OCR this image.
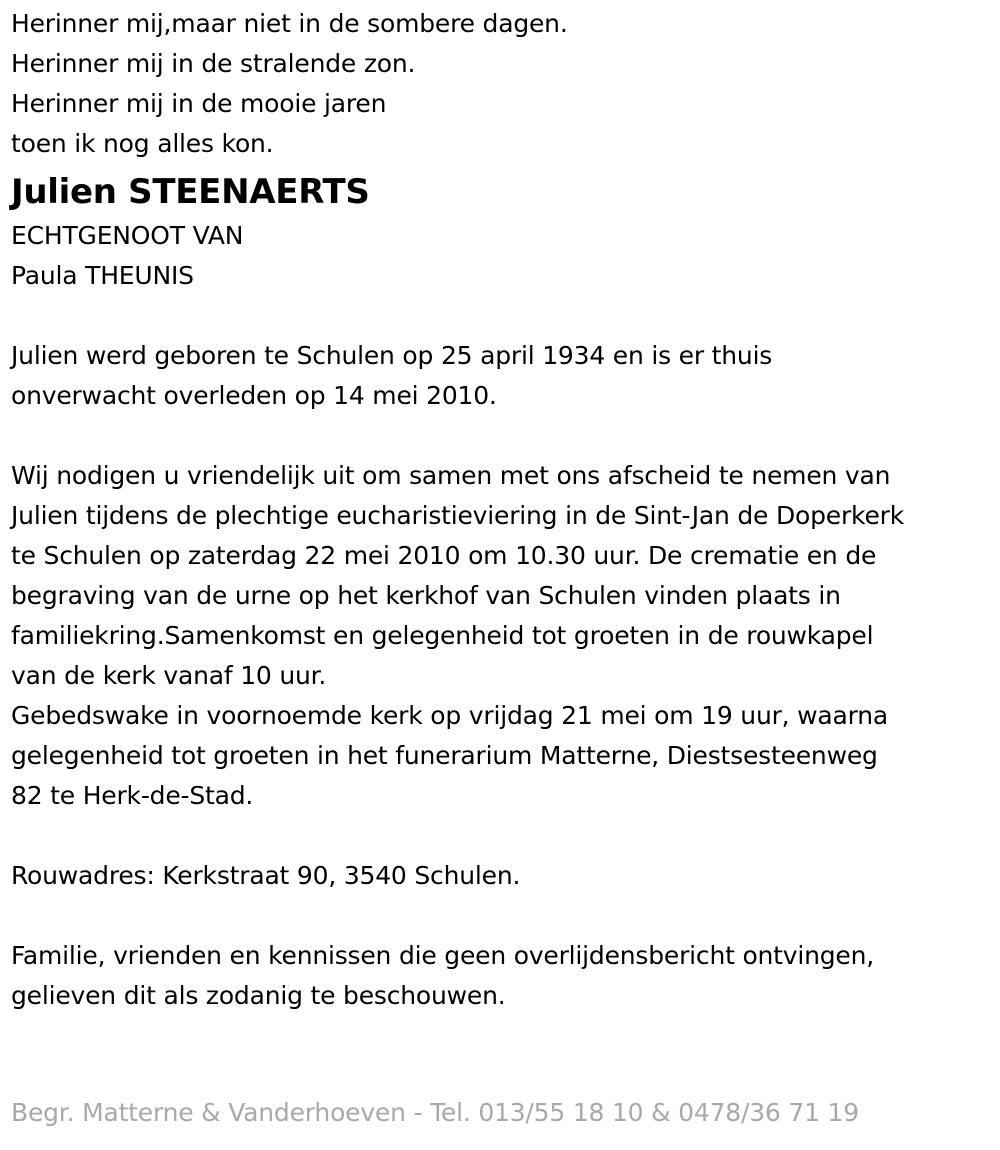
Herinner mij,maar niet in de sombere dagen.
Herinner mij in de stralende zon.
Herinner mij in de mooie jaren
toen ik nog alles kon.
Julien STEENAERTS
ECHTGENOOT VAN
Paula THEUNIS
Julien werd geboren te Schulen op 25 april 1934 en is er thuis
onverwacht overleden op 14 mei 2010.
Wij nodigen u vriendelijk uit om samen met ons afscheid te nemen van
Julien tijdens de plechtige eucharistieviering in de Sint-Jan de Doperkerk
te Schulen op zaterdag 22 mei 2010 om 10.30 uur. De crematie en de
begraving van de urne op het kerkhof van Schulen vinden plaats in
familiekring.Samenkomst en gelegenheid tot groeten in de rouwkapel
van de kerk vanaf 10 uur.
Gebedswake in voornoemde kerk op vrijdag 21 mei om 19 uur, waarna
gelegenheid tot groeten in het funerarium Matterne, Diestsesteenweg
82 te Herk-de-Stad.
Rouwadres: Kerkstraat 90, 3540 Schulen.
Familie, vrienden en kennissen die geen overlijdensbericht ontvingen,
gelieven dit als zodanig te beschouwen.
Begr. Matterne & Vanderhoeven - Tel. 013/55 18 10 & 0478/36 71 19
